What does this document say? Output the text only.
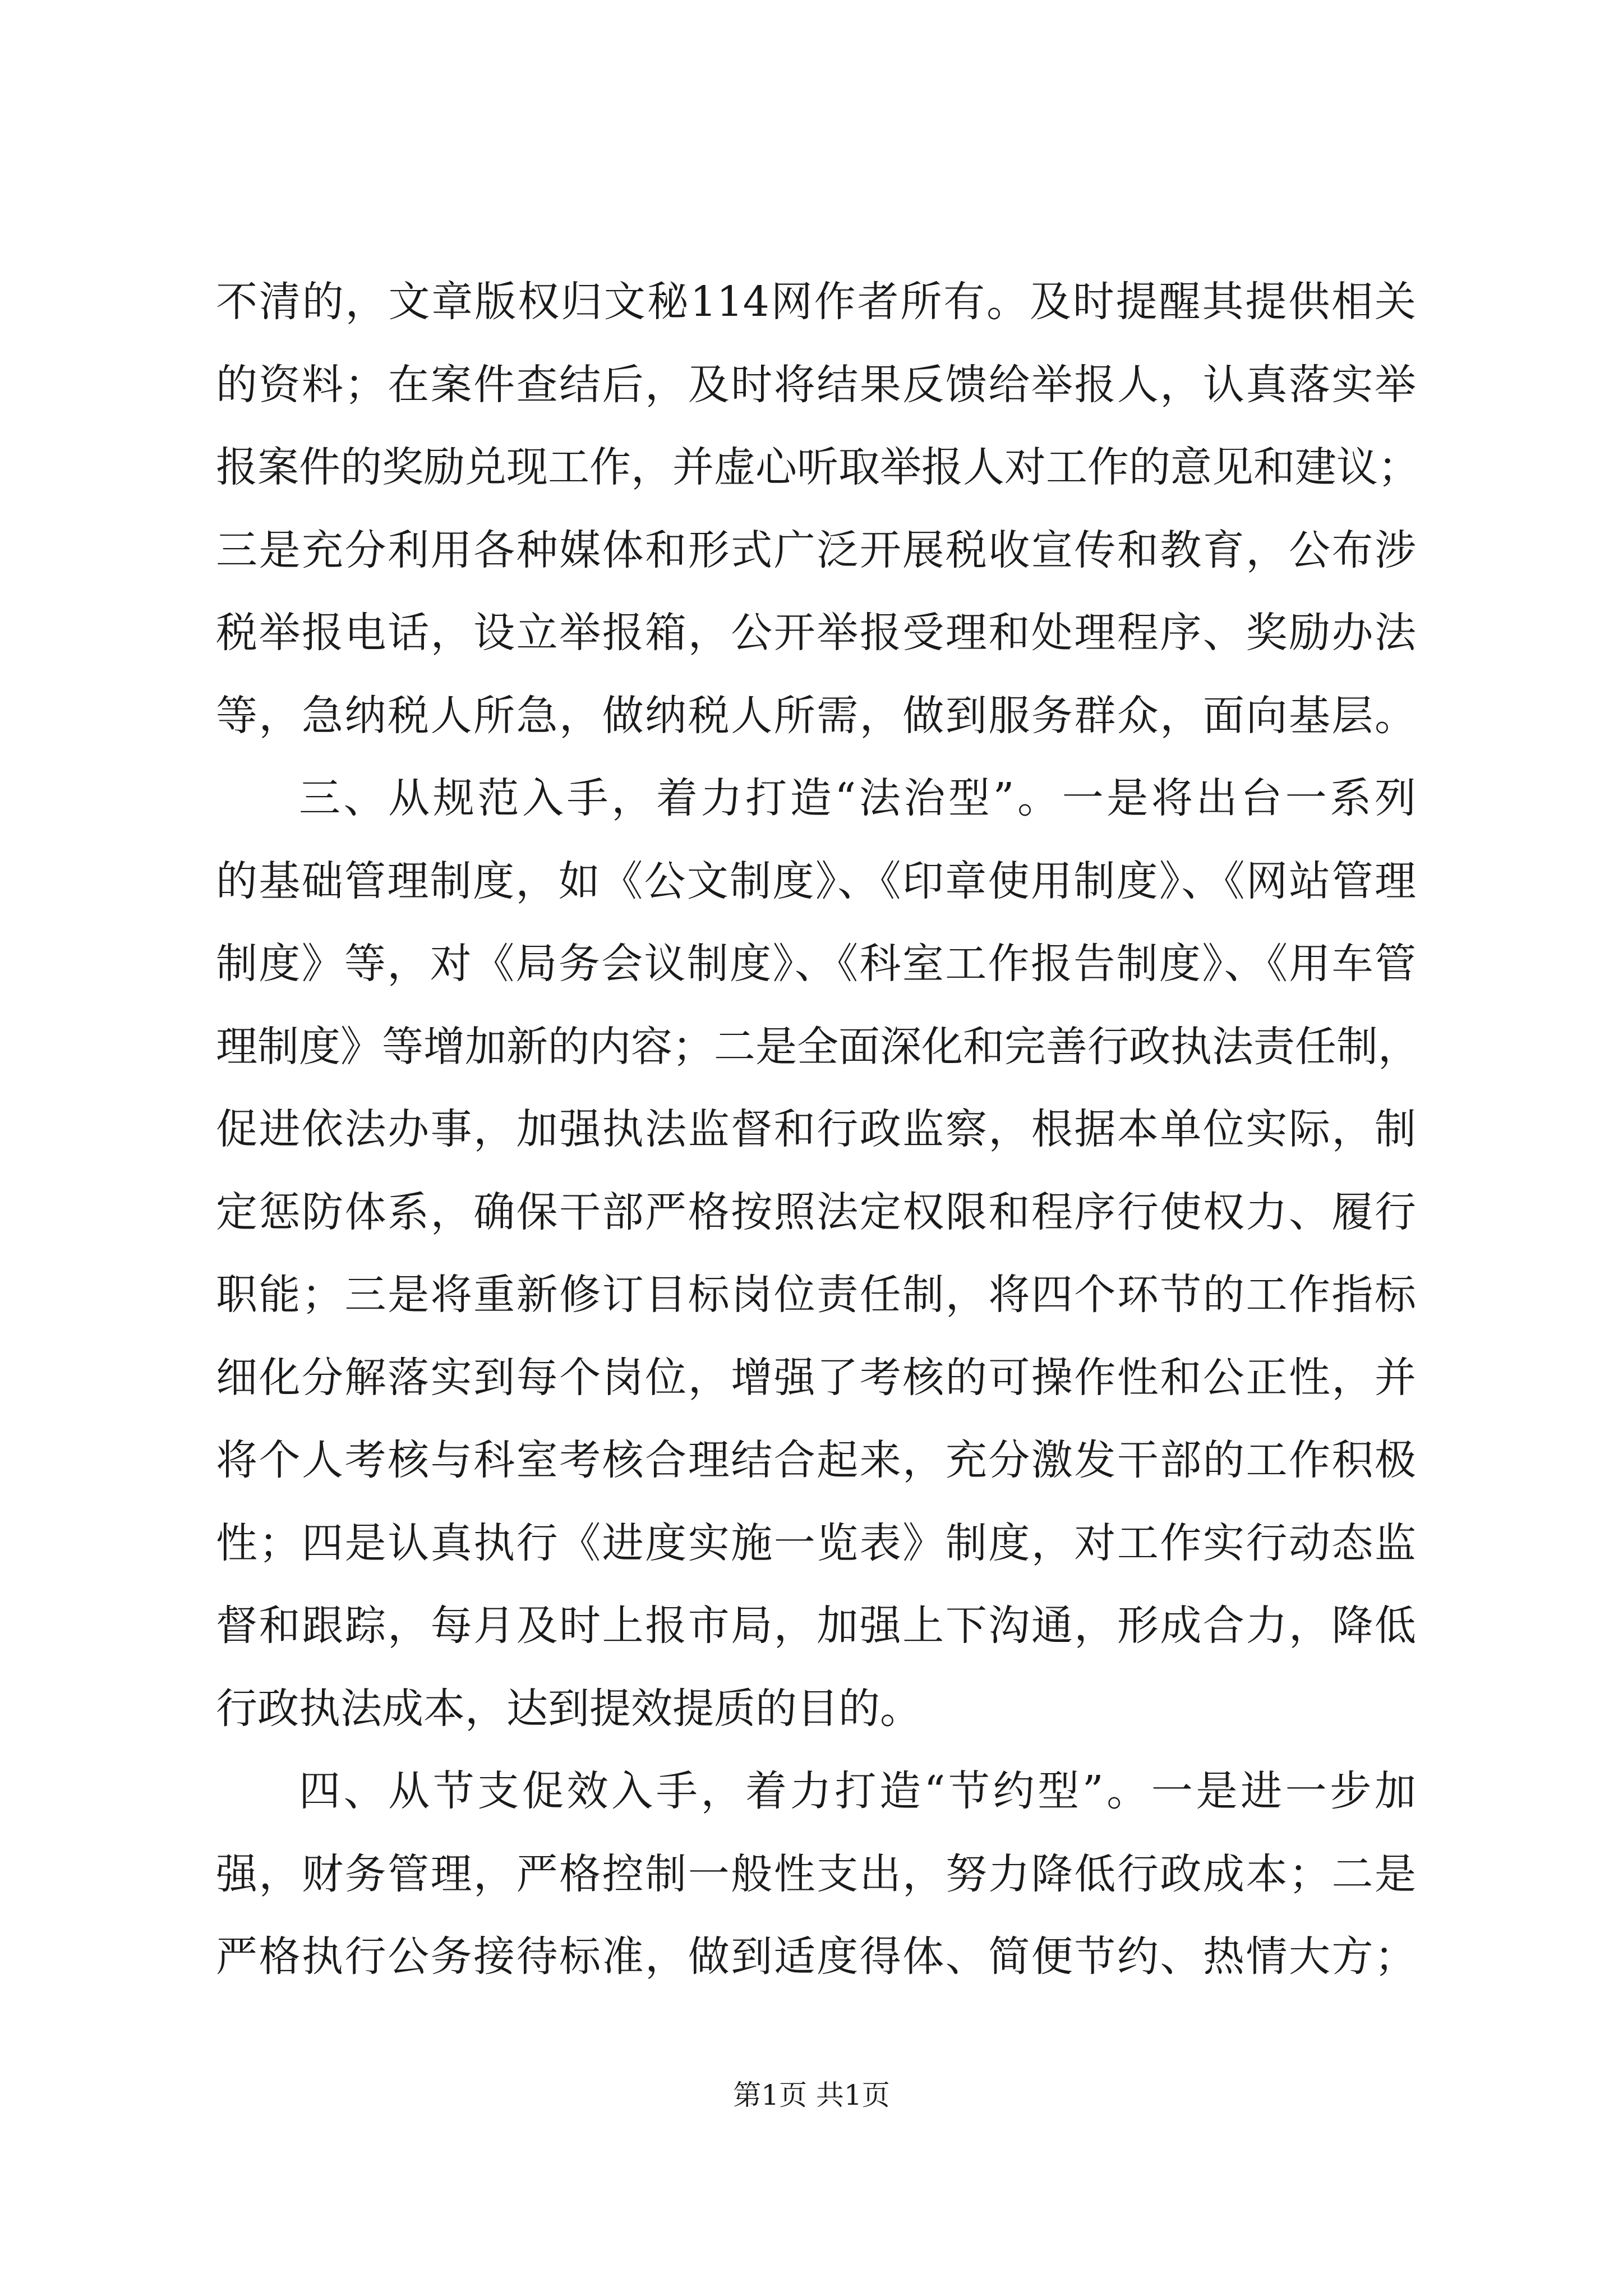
不清的，文章版权归文秘114网作者所有。及时提醒其提供相关
的资料；在案件查结后，及时将结果反馈给举报人，认真落实举
报案件的奖励兑现工作，并虚心听取举报人对工作的意见和建议；
三是充分利用各种媒体和形式广泛开展税收宣传和教育，公布涉
税举报电话，设立举报箱，公开举报受理和处理程序、奖励办法
等，急纳税人所急，做纳税人所需，做到服务群众，面向基层。
三、从规范入手，着力打造“法治型”。一是将出台一系列
的基础管理制度，如《公文制度》、《印章使用制度》、《网站管理
制度》等，对《局务会议制度》、《科室工作报告制度》、《用车管
理制度》等增加新的内容；二是全面深化和完善行政执法责任制，
促进依法办事，加强执法监督和行政监察，根据本单位实际，制
定惩防体系，确保干部严格按照法定权限和程序行使权力、履行
职能；三是将重新修订目标岗位责任制，将四个环节的工作指标
细化分解落实到每个岗位，增强了考核的可操作性和公正性，并
将个人考核与科室考核合理结合起来，充分激发干部的工作积极
性；四是认真执行《进度实施一览表》制度，对工作实行动态监
督和跟踪，每月及时上报市局，加强上下沟通，形成合力，降低
行政执法成本，达到提效提质的目的。
四、从节支促效入手，着力打造“节约型”。一是进一步加
强，财务管理，严格控制一般性支出，努力降低行政成本；二是
严格执行公务接待标准，做到适度得体、简便节约、热情大方；
第1页 共1页
